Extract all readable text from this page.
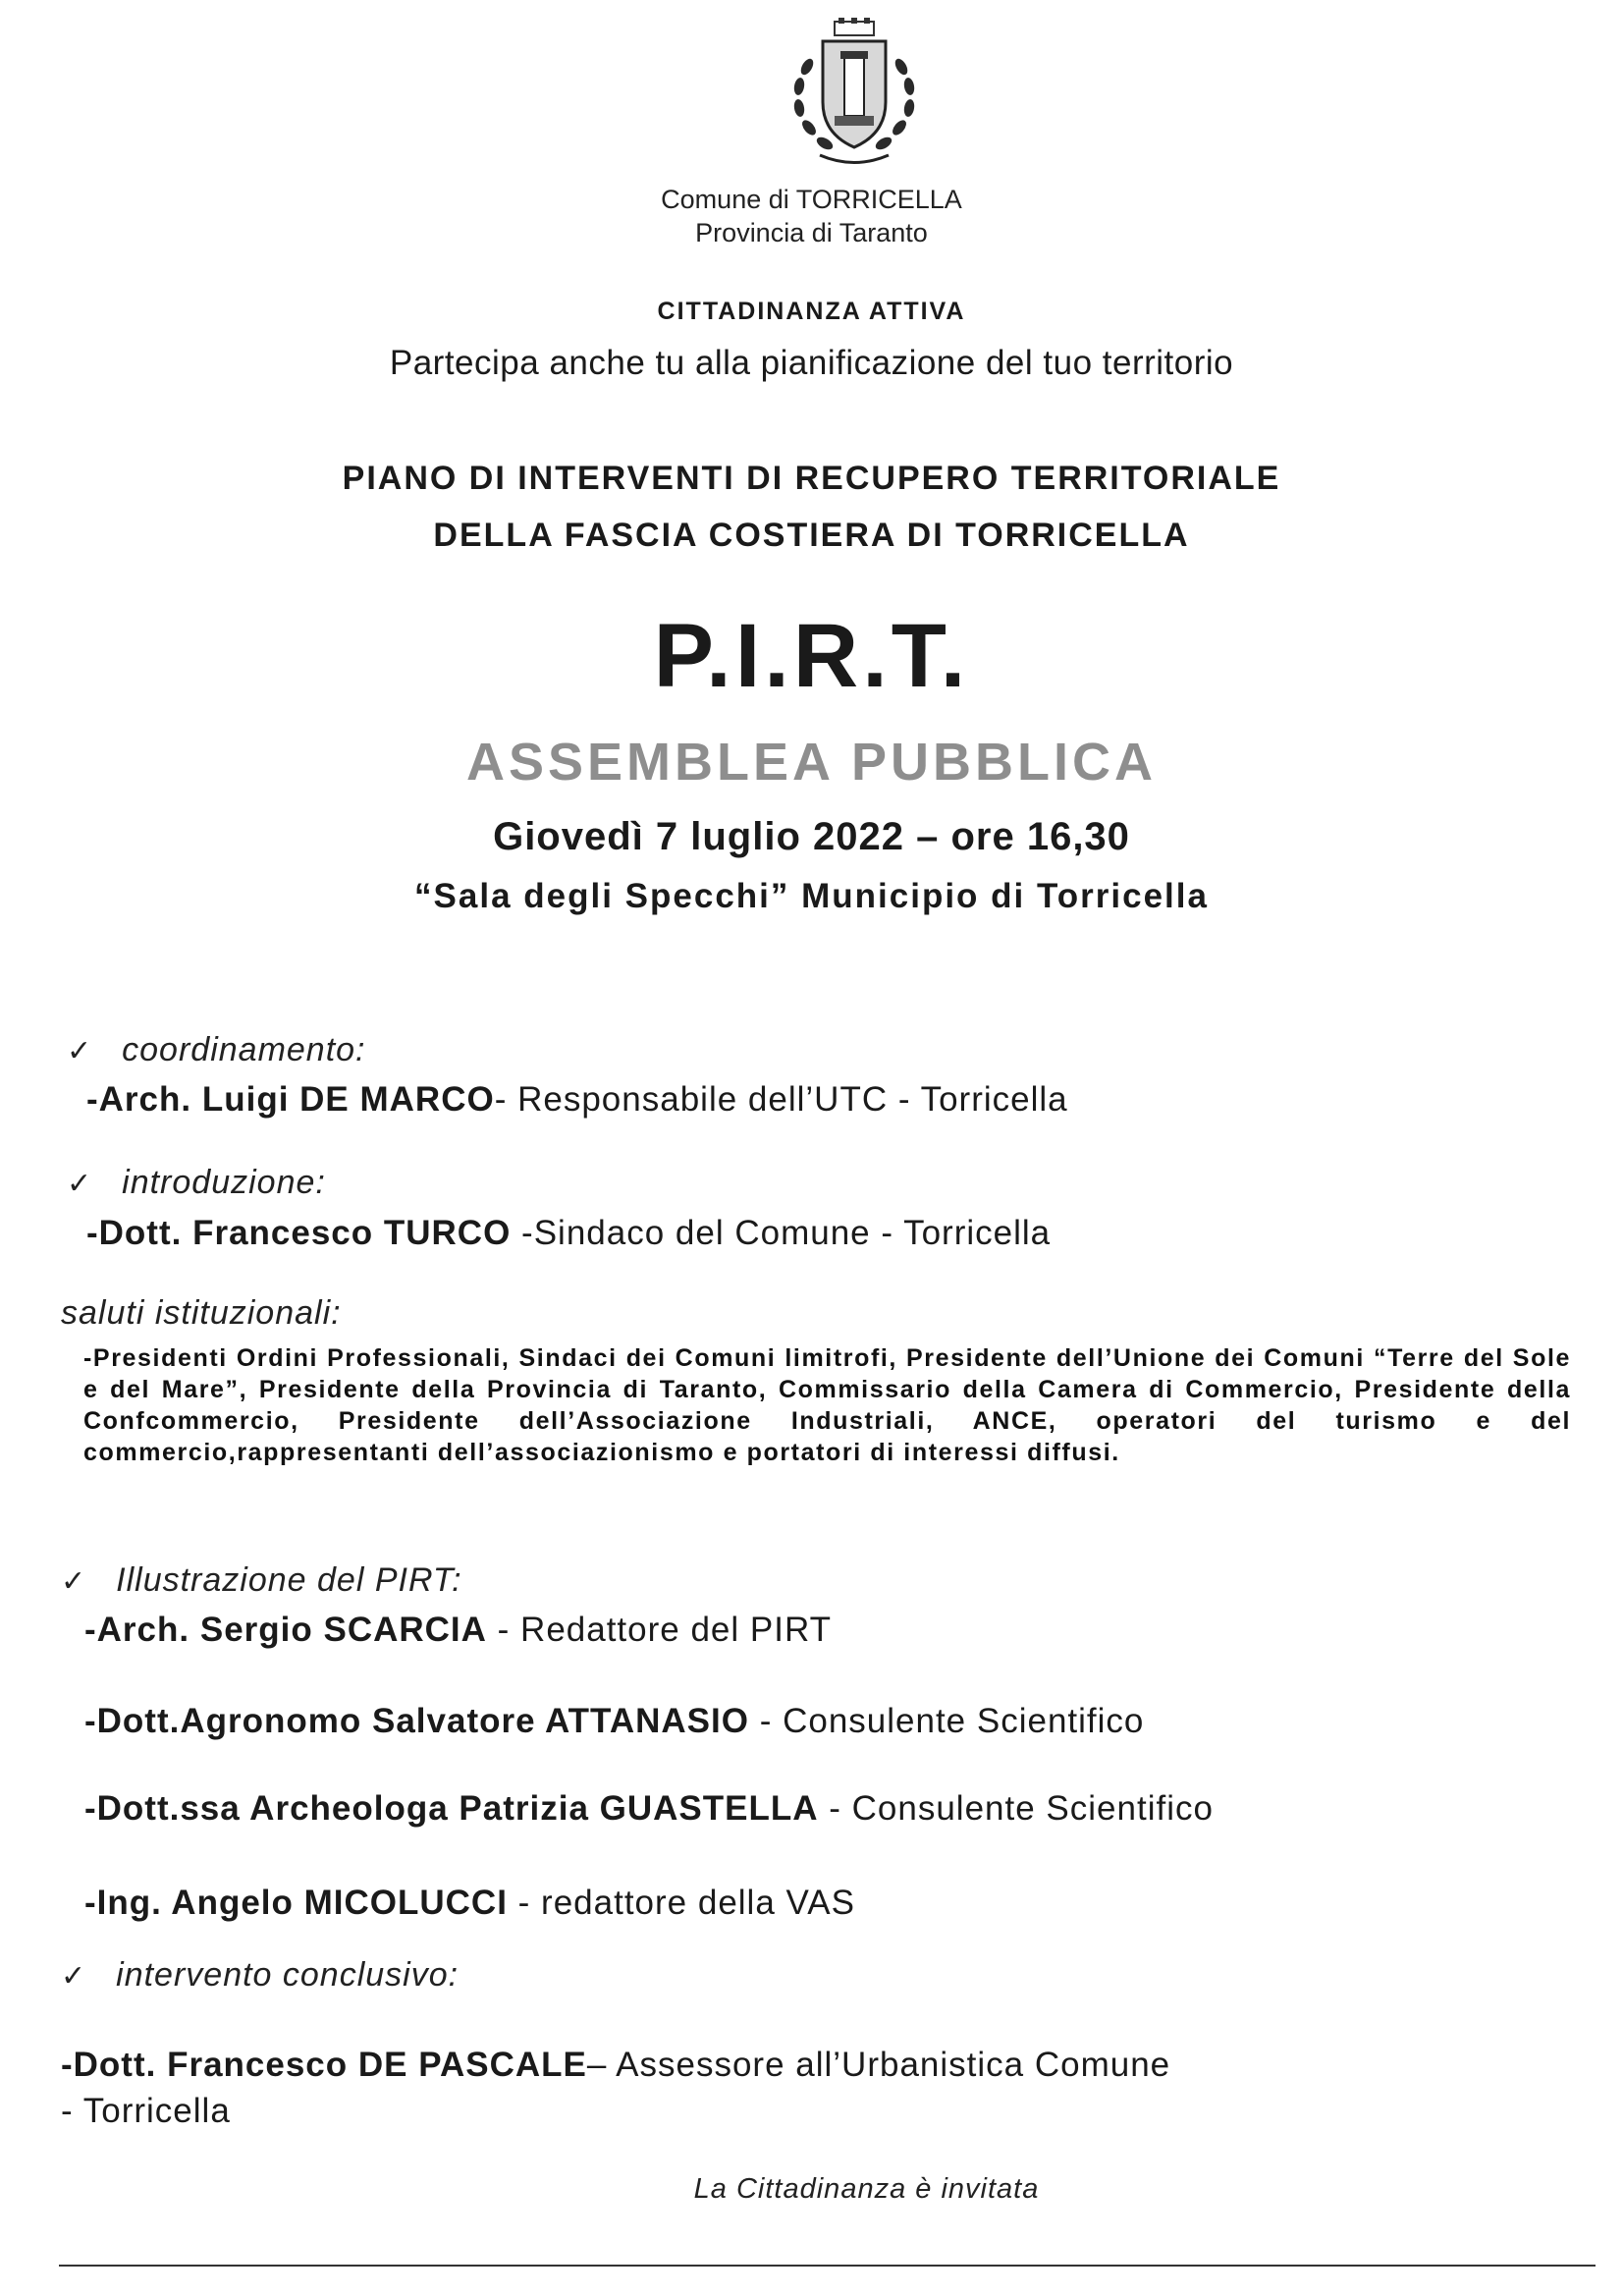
Comune di TORRICELLA
Provincia di Taranto
CITTADINANZA ATTIVA
Partecipa anche tu alla pianificazione del tuo territorio
PIANO DI INTERVENTI DI RECUPERO TERRITORIALE
DELLA FASCIA COSTIERA DI TORRICELLA
P.I.R.T.
ASSEMBLEA PUBBLICA
Giovedì 7 luglio 2022 – ore 16,30
“Sala degli Specchi” Municipio di Torricella
✓ coordinamento:
-Arch. Luigi DE MARCO- Responsabile dell’UTC - Torricella
✓ introduzione:
-Dott. Francesco TURCO -Sindaco del Comune - Torricella
saluti istituzionali:
-Presidenti Ordini Professionali, Sindaci dei Comuni limitrofi, Presidente dell’Unione dei Comuni “Terre del Sole e del Mare”, Presidente della Provincia di Taranto, Commissario della Camera di Commercio, Presidente della Confcommercio, Presidente dell’Associazione Industriali, ANCE, operatori del turismo e del commercio,rappresentanti dell’associazionismo e portatori di interessi diffusi.
✓ Illustrazione del PIRT:
-Arch. Sergio SCARCIA - Redattore del PIRT
-Dott.Agronomo Salvatore ATTANASIO - Consulente Scientifico
-Dott.ssa Archeologa Patrizia GUASTELLA - Consulente Scientifico
-Ing. Angelo MICOLUCCI - redattore della VAS
✓ intervento conclusivo:
-Dott. Francesco DE PASCALE– Assessore all’Urbanistica Comune
- Torricella
La Cittadinanza è invitata
